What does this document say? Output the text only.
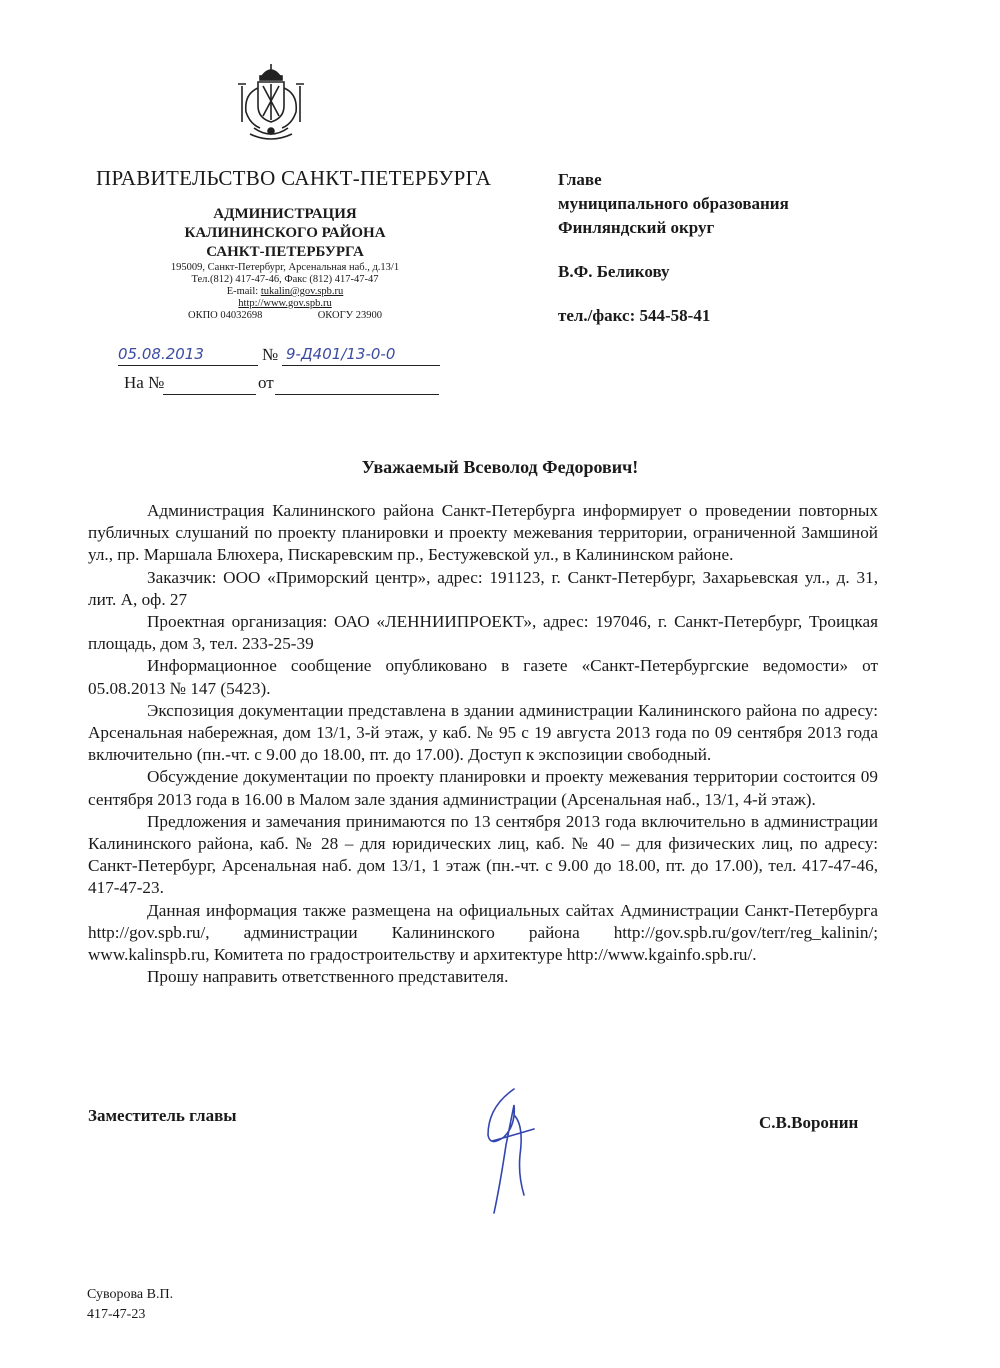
ПРАВИТЕЛЬСТВО САНКТ-ПЕТЕРБУРГА
АДМИНИСТРАЦИЯ
КАЛИНИНСКОГО РАЙОНА
САНКТ-ПЕТЕРБУРГА
195009, Санкт-Петербург, Арсенальная наб., д.13/1
Тел.(812) 417-47-46, Факс (812) 417-47-47
E-mail: tukalin@gov.spb.ru
http://www.gov.spb.ru
ОКПО 04032698	ОКОГУ 23900
05.08.2013	№ 9-Д401/13-0-0
На №	от
Главе
муниципального образования
Финляндский округ
В.Ф. Беликову
тел./факс: 544-58-41
Уважаемый Всеволод Федорович!

Администрация Калининского района Санкт-Петербурга информирует о проведении повторных публичных слушаний по проекту планировки и проекту межевания территории, ограниченной Замшиной ул., пр. Маршала Блюхера, Пискаревским пр., Бестужевской ул., в Калининском районе.

Заказчик: ООО «Приморский центр», адрес: 191123, г. Санкт-Петербург, Захарьевская ул., д. 31, лит. А, оф. 27

Проектная организация: ОАО «ЛЕННИИПРОЕКТ», адрес: 197046, г. Санкт-Петербург, Троицкая площадь, дом 3, тел. 233-25-39

Информационное сообщение опубликовано в газете «Санкт-Петербургские ведомости» от 05.08.2013 № 147 (5423).

Экспозиция документации представлена в здании администрации Калининского района по адресу: Арсенальная набережная, дом 13/1, 3-й этаж, у каб. № 95 с 19 августа 2013 года по 09 сентября 2013 года включительно (пн.-чт. с 9.00 до 18.00, пт. до 17.00). Доступ к экспозиции свободный.

Обсуждение документации по проекту планировки и проекту межевания территории состоится 09 сентября 2013 года в 16.00 в Малом зале здания администрации (Арсенальная наб., 13/1, 4-й этаж).

Предложения и замечания принимаются по 13 сентября 2013 года включительно в администрации Калининского района, каб. № 28 – для юридических лиц, каб. № 40 – для физических лиц, по адресу: Санкт-Петербург, Арсенальная наб. дом 13/1, 1 этаж (пн.-чт. с 9.00 до 18.00, пт. до 17.00), тел. 417-47-46, 417-47-23.

Данная информация также размещена на официальных сайтах Администрации Санкт-Петербурга http://gov.spb.ru/, администрации Калининского района http://gov.spb.ru/gov/terr/reg_kalinin/; www.kalinspb.ru, Комитета по градостроительству и архитектуре http://www.kgainfo.spb.ru/.

Прошу направить ответственного представителя.

Заместитель главы	С.В.Воронин
Суворова В.П.
417-47-23
